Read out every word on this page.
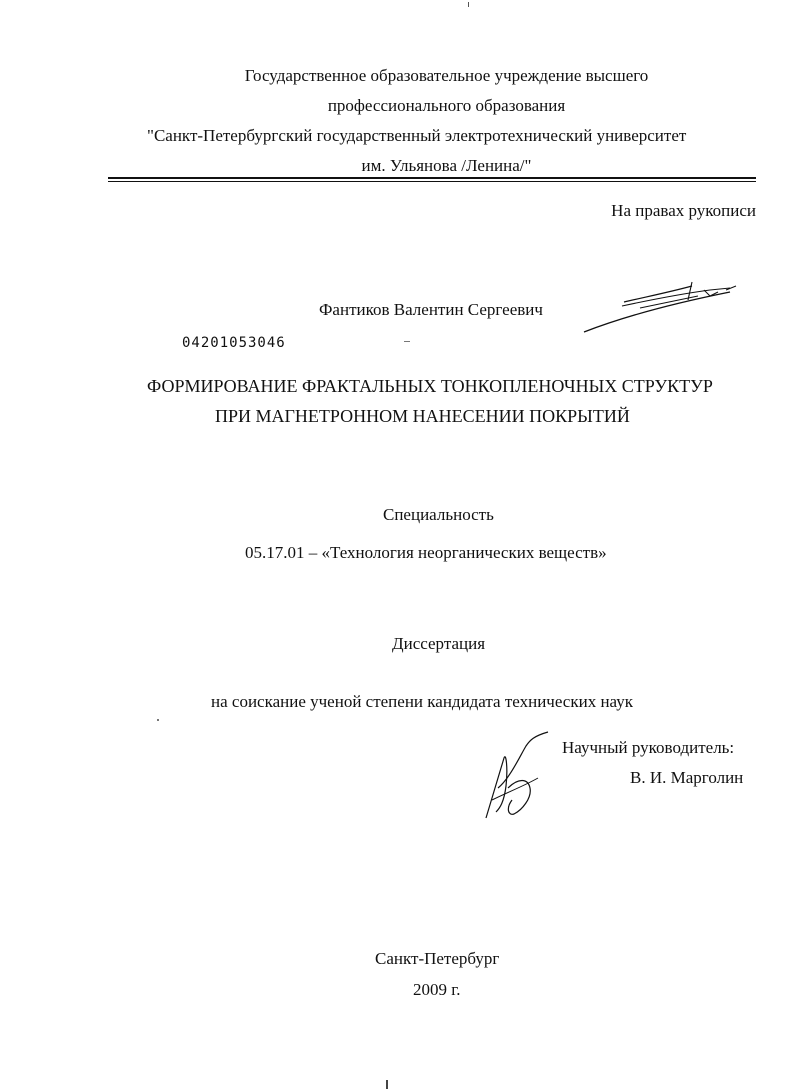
Государственное образовательное учреждение высшего
профессионального образования
"Санкт-Петербургский государственный электротехнический университет
им. Ульянова /Ленина/"
На правах рукописи
Фантиков Валентин Сергеевич
04201053046
ФОРМИРОВАНИЕ ФРАКТАЛЬНЫХ ТОНКОПЛЕНОЧНЫХ СТРУКТУР
ПРИ МАГНЕТРОННОМ НАНЕСЕНИИ ПОКРЫТИЙ
Специальность
05.17.01 – «Технология неорганических веществ»
Диссертация
на соискание ученой степени кандидата технических наук
Научный руководитель:
В. И. Марголин
Санкт-Петербург
2009 г.
